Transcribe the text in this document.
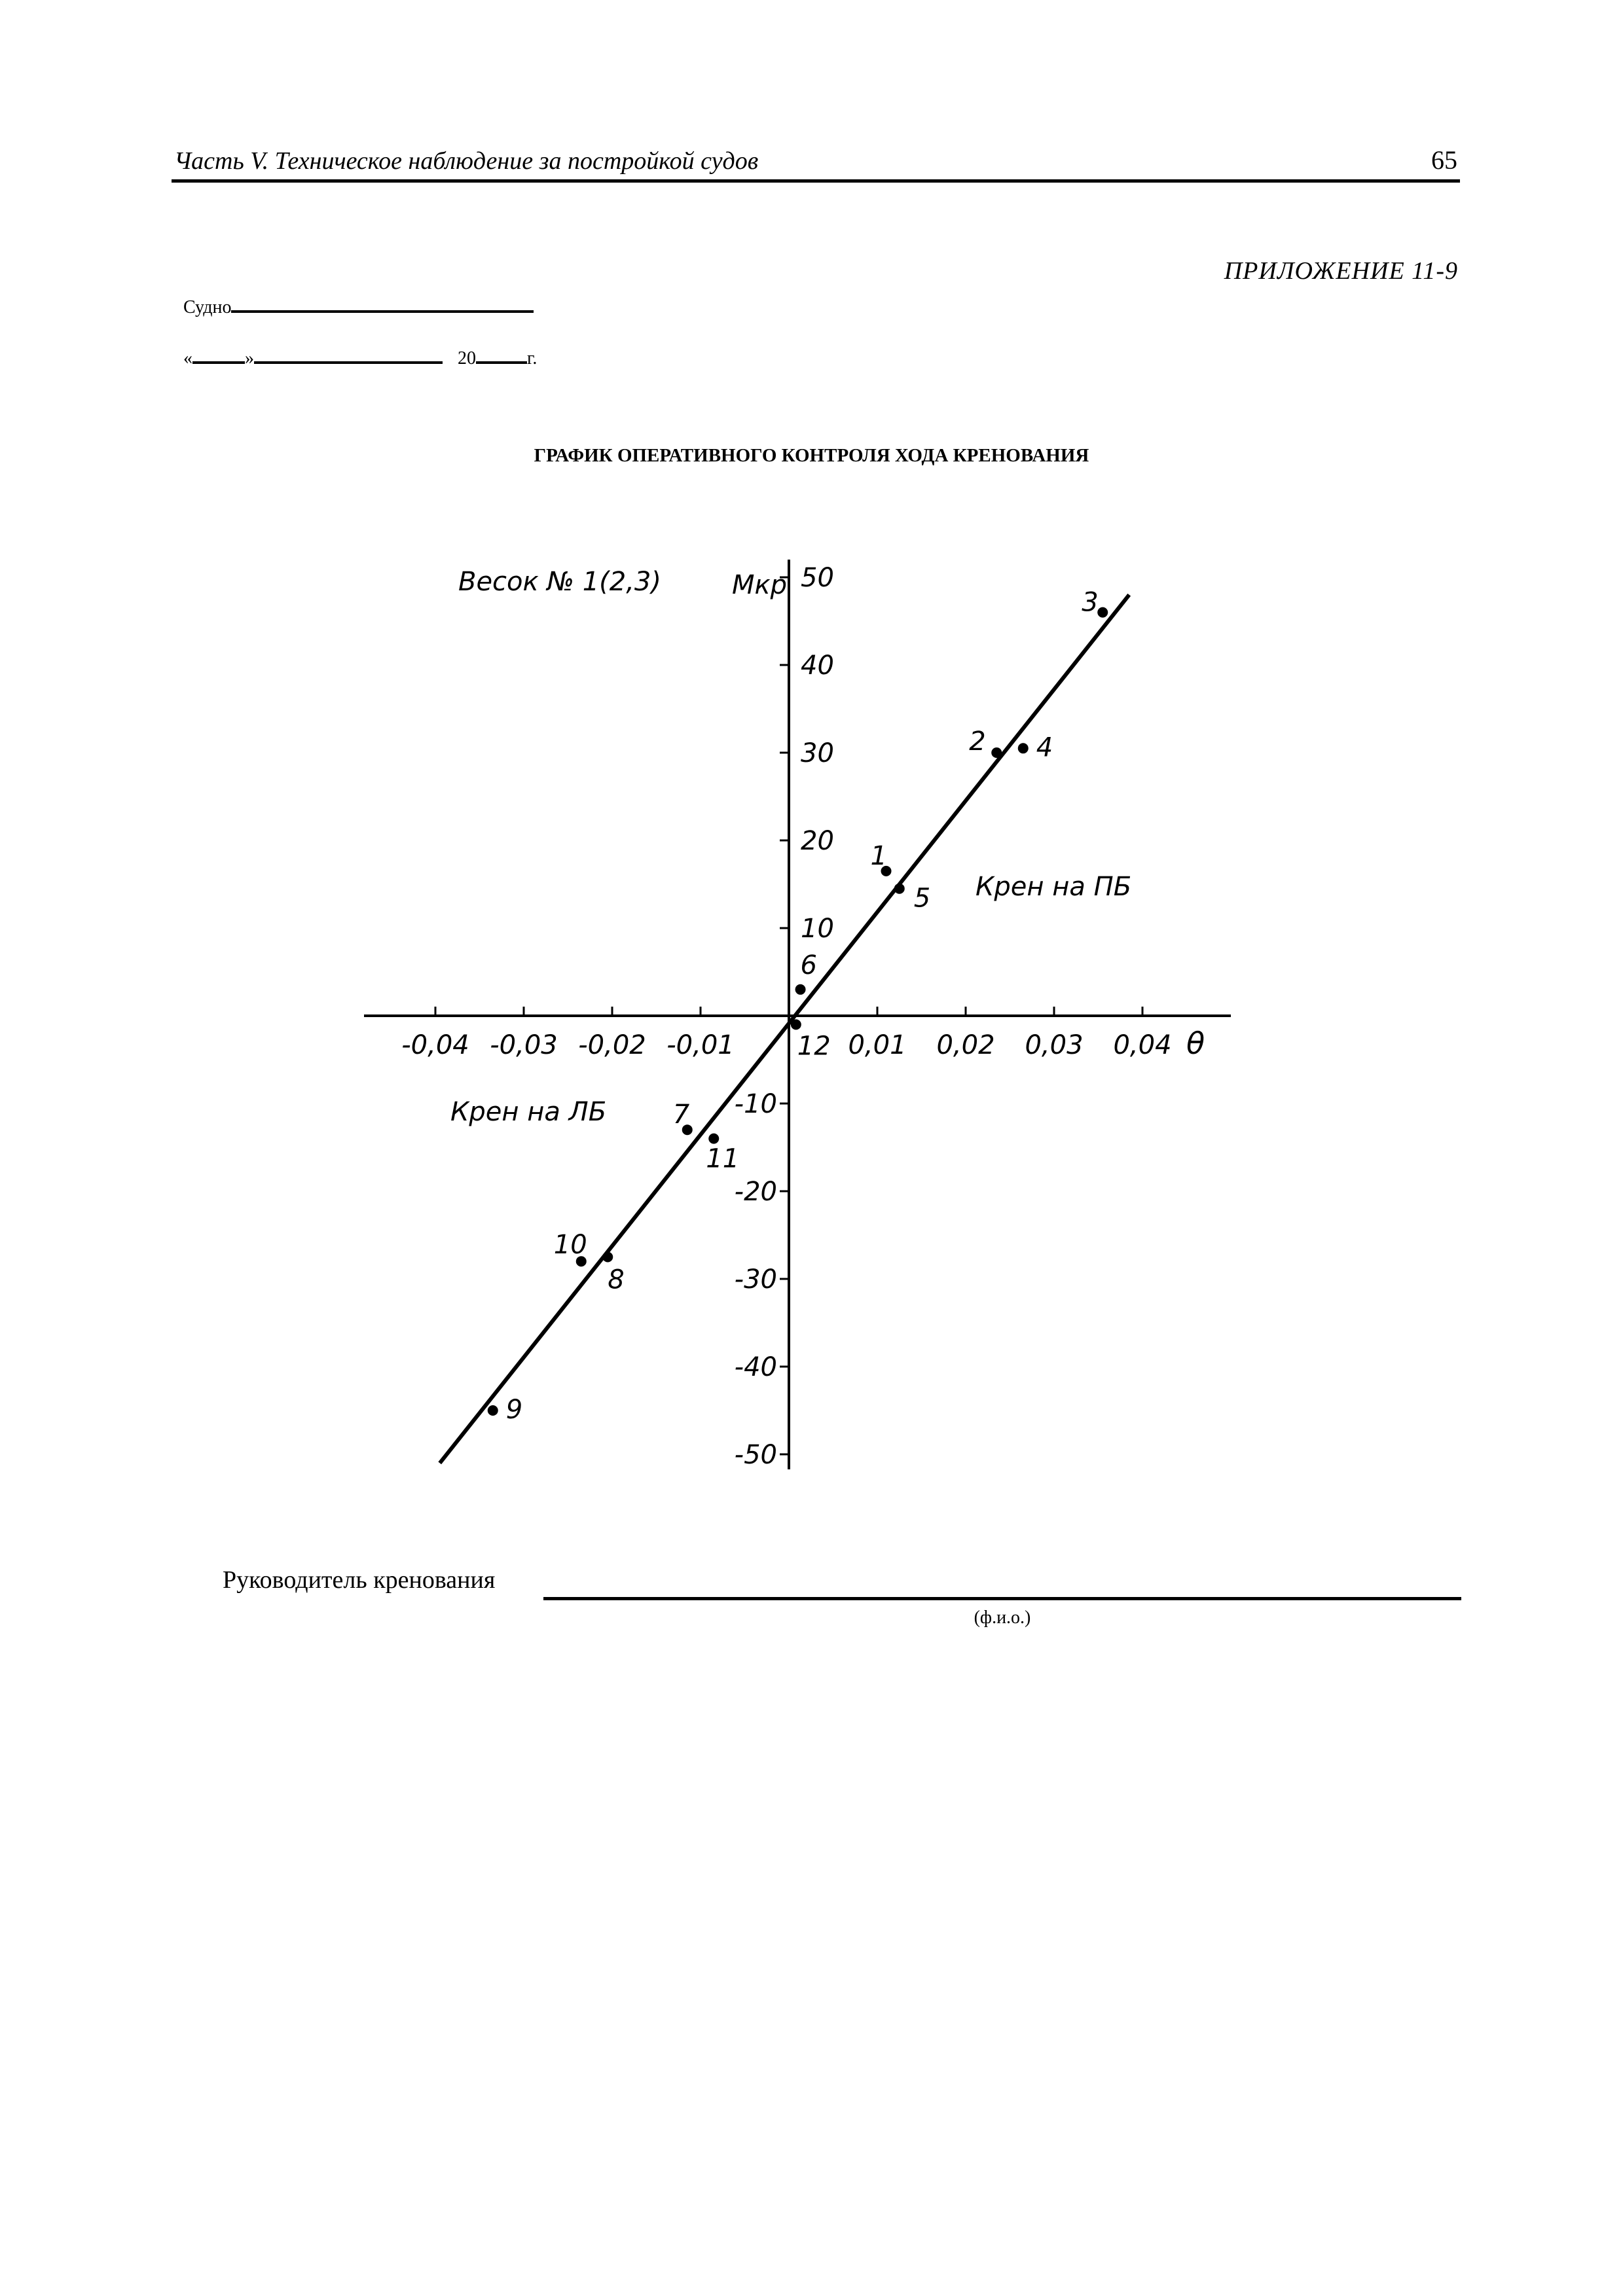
Часть V. Техническое наблюдение за постройкой судов	65
ПРИЛОЖЕНИЕ 11-9
Судно
«	»	20	г.
ГРАФИК ОПЕРАТИВНОГО КОНТРОЛЯ ХОДА КРЕНОВАНИЯ
-0,04 -0,03 -0,02 -0,01	0,01 0,02 0,03 0,04
-50
-40
-30
-20
-10
10
20
30
40
50
1
2
3
4
5
6
7
8
9
10
11
12
Весок № 1(2,3)	Мкр
θ
Крен на ПБ
Крен на ЛБ
Руководитель кренования
(ф.и.о.)
